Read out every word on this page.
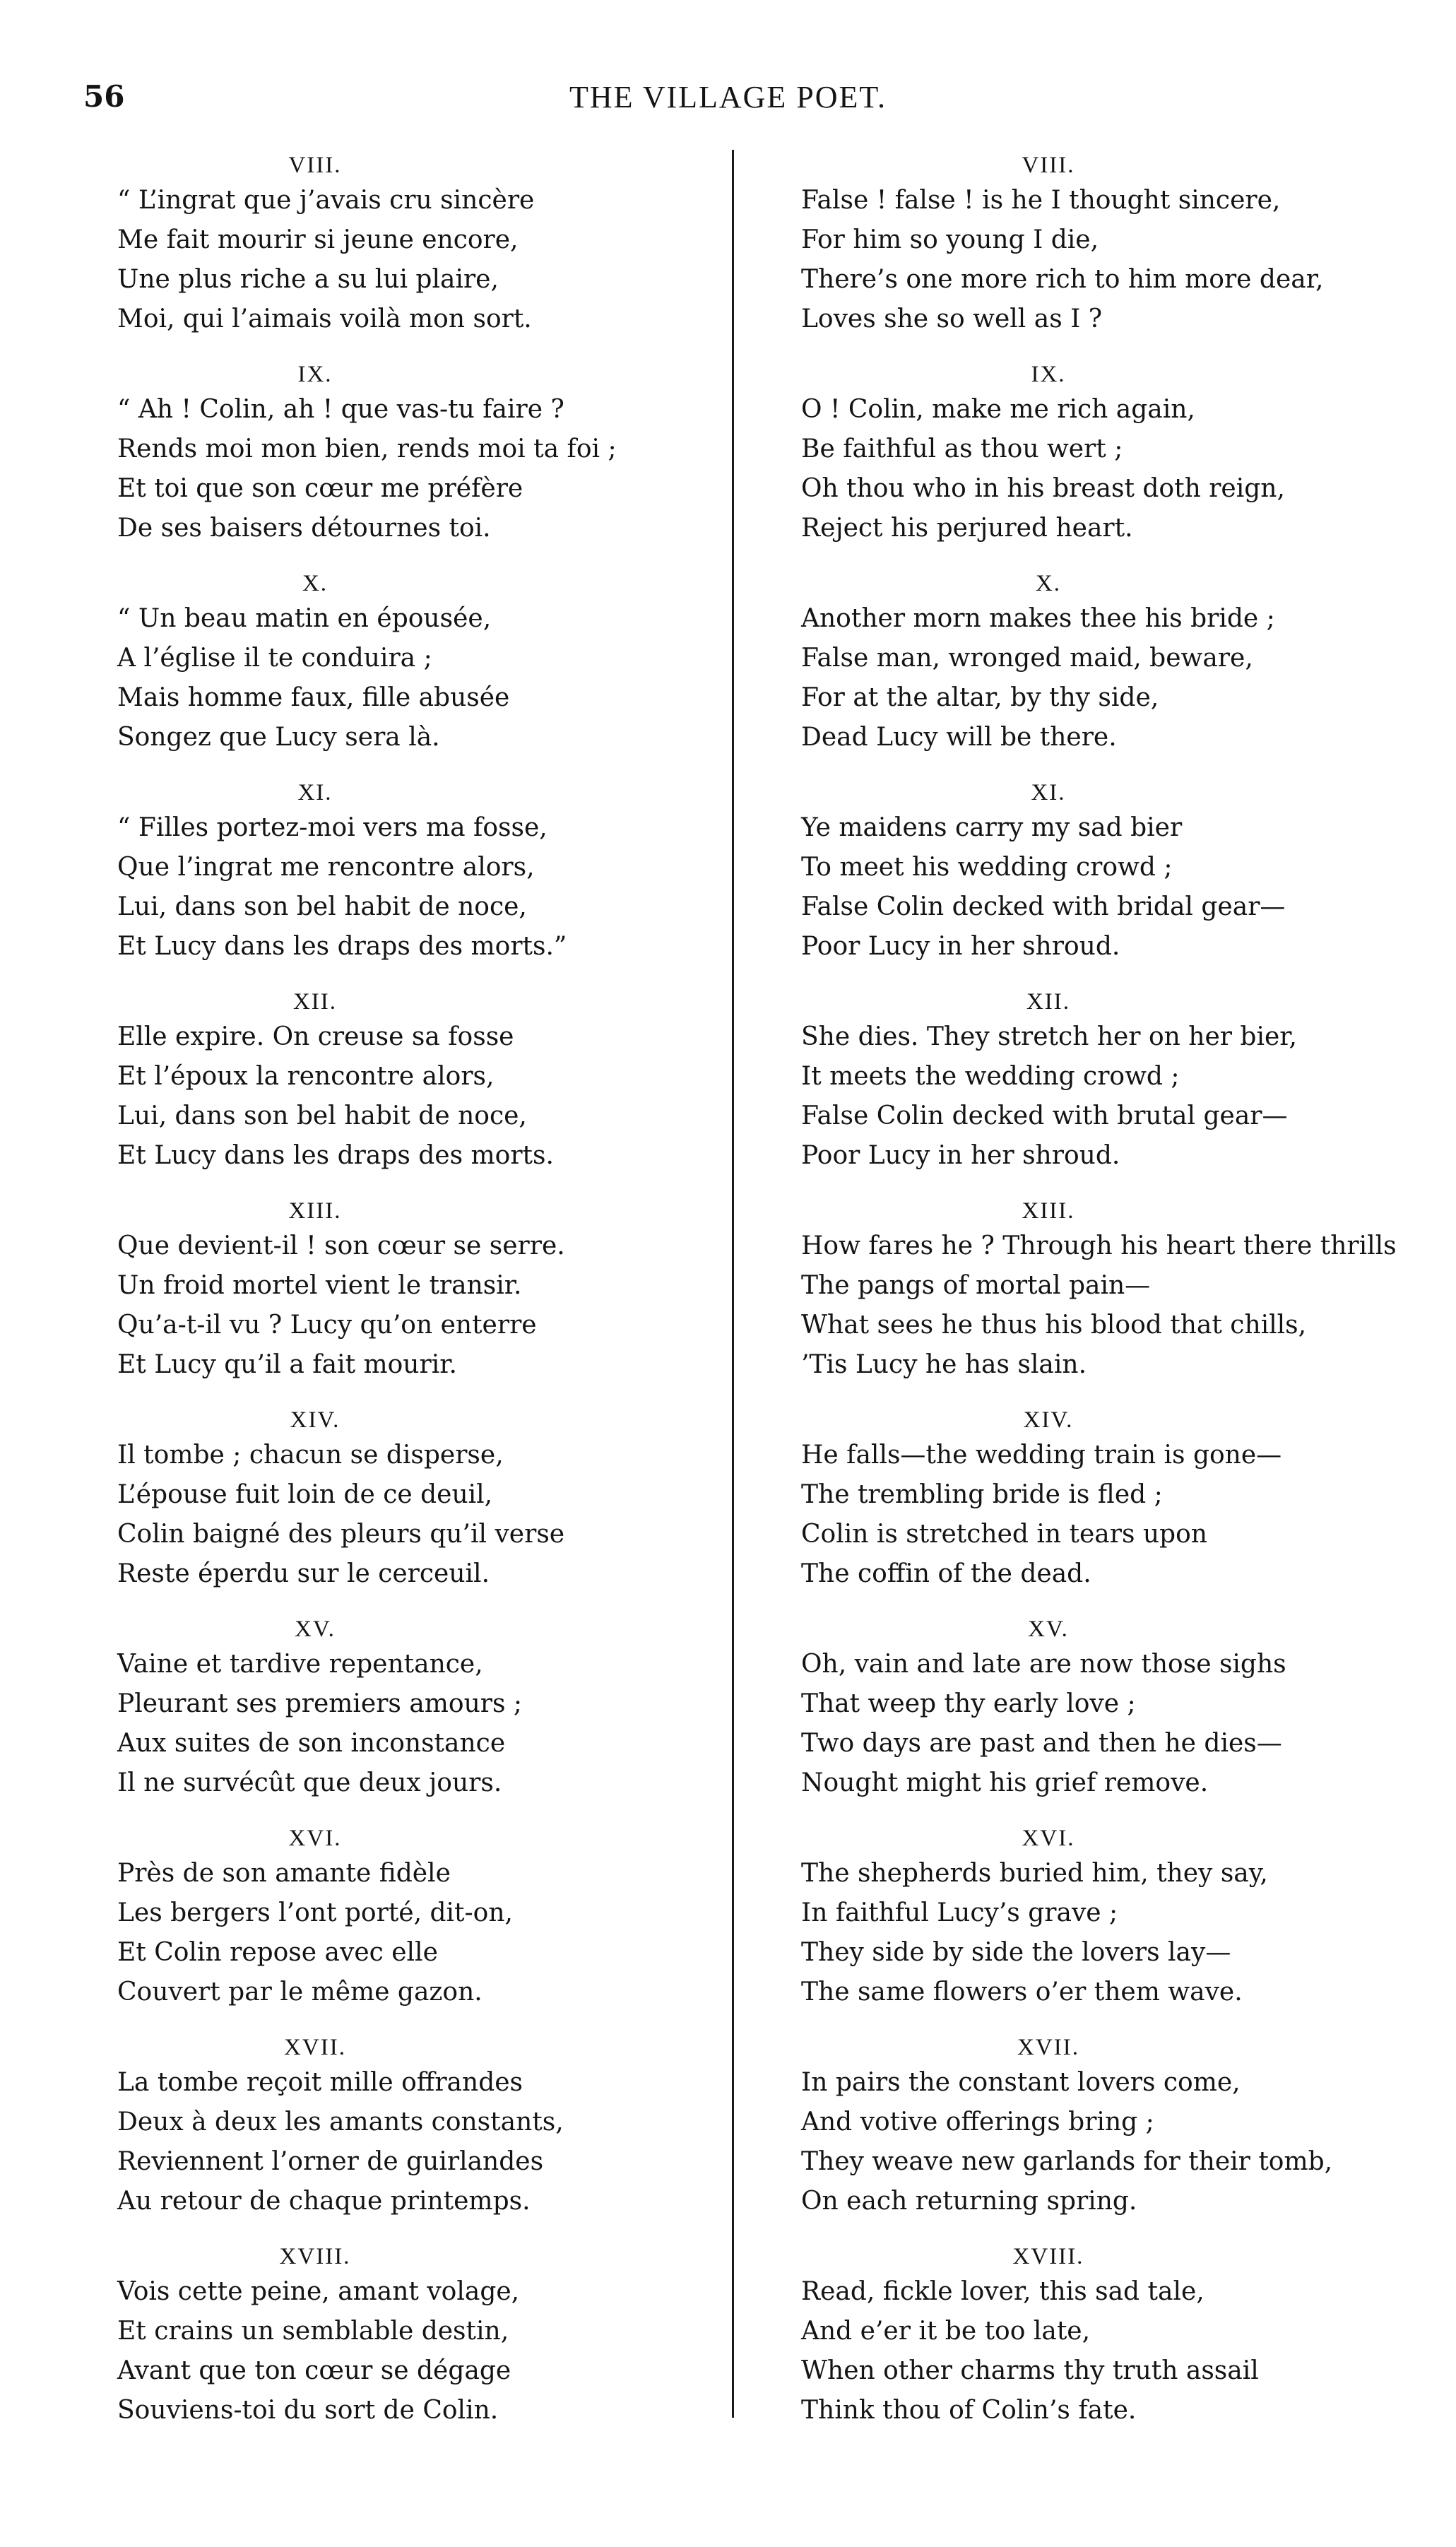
56	THE VILLAGE POET.
VIII.
“ L’ingrat que j’avais cru sincère
Me fait mourir si jeune encore,
Une plus riche a su lui plaire,
Moi, qui l’aimais voilà mon sort.
IX.
“ Ah ! Colin, ah ! que vas-tu faire ?
Rends moi mon bien, rends moi ta foi ;
Et toi que son cœur me préfère
De ses baisers détournes toi.
X.
“ Un beau matin en épousée,
A l’église il te conduira ;
Mais homme faux, fille abusée
Songez que Lucy sera là.
XI.
“ Filles portez-moi vers ma fosse,
Que l’ingrat me rencontre alors,
Lui, dans son bel habit de noce,
Et Lucy dans les draps des morts.”
XII.
Elle expire. On creuse sa fosse
Et l’époux la rencontre alors,
Lui, dans son bel habit de noce,
Et Lucy dans les draps des morts.
XIII.
Que devient-il ! son cœur se serre.
Un froid mortel vient le transir.
Qu’a-t-il vu ? Lucy qu’on enterre
Et Lucy qu’il a fait mourir.
XIV.
Il tombe ; chacun se disperse,
L’épouse fuit loin de ce deuil,
Colin baigné des pleurs qu’il verse
Reste éperdu sur le cerceuil.
XV.
Vaine et tardive repentance,
Pleurant ses premiers amours ;
Aux suites de son inconstance
Il ne survécût que deux jours.
XVI.
Près de son amante fidèle
Les bergers l’ont porté, dit-on,
Et Colin repose avec elle
Couvert par le même gazon.
XVII.
La tombe reçoit mille offrandes
Deux à deux les amants constants,
Reviennent l’orner de guirlandes
Au retour de chaque printemps.
XVIII.
Vois cette peine, amant volage,
Et crains un semblable destin,
Avant que ton cœur se dégage
Souviens-toi du sort de Colin.
VIII.
False ! false ! is he I thought sincere,
For him so young I die,
There’s one more rich to him more dear,
Loves she so well as I ?
IX.
O ! Colin, make me rich again,
Be faithful as thou wert ;
Oh thou who in his breast doth reign,
Reject his perjured heart.
X.
Another morn makes thee his bride ;
False man, wronged maid, beware,
For at the altar, by thy side,
Dead Lucy will be there.
XI.
Ye maidens carry my sad bier
To meet his wedding crowd ;
False Colin decked with bridal gear—
Poor Lucy in her shroud.
XII.
She dies. They stretch her on her bier,
It meets the wedding crowd ;
False Colin decked with brutal gear—
Poor Lucy in her shroud.
XIII.
How fares he ? Through his heart there thrills
The pangs of mortal pain—
What sees he thus his blood that chills,
’Tis Lucy he has slain.
XIV.
He falls—the wedding train is gone—
The trembling bride is fled ;
Colin is stretched in tears upon
The coffin of the dead.
XV.
Oh, vain and late are now those sighs
That weep thy early love ;
Two days are past and then he dies—
Nought might his grief remove.
XVI.
The shepherds buried him, they say,
In faithful Lucy’s grave ;
They side by side the lovers lay—
The same flowers o’er them wave.
XVII.
In pairs the constant lovers come,
And votive offerings bring ;
They weave new garlands for their tomb,
On each returning spring.
XVIII.
Read, fickle lover, this sad tale,
And e’er it be too late,
When other charms thy truth assail
Think thou of Colin’s fate.
